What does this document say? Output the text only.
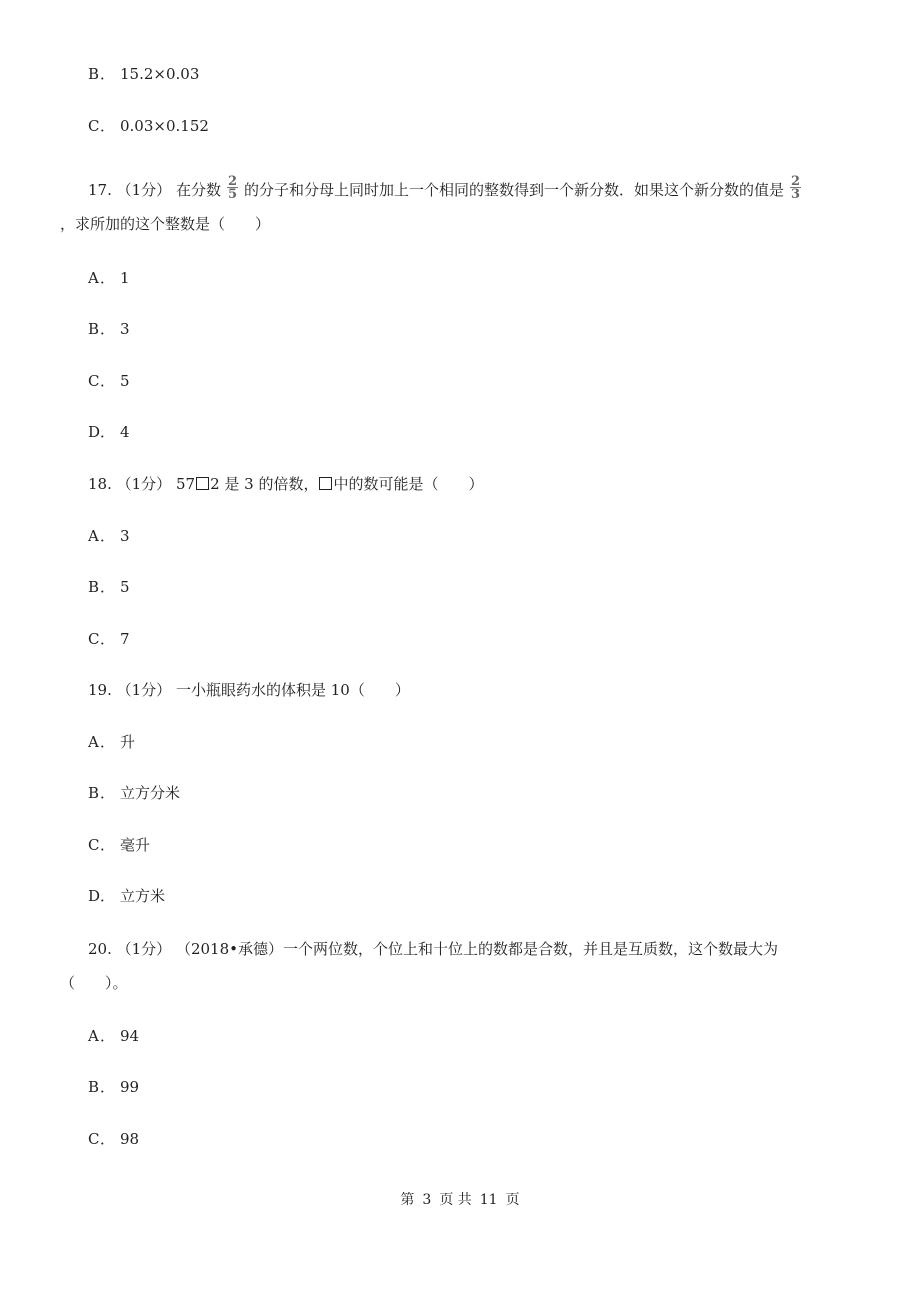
B． 15.2×0.03
C． 0.03×0.152
17. （1分） 在分数 $\frac{2}{5}$ 的分子和分母上同时加上一个相同的整数得到一个新分数．如果这个新分数的值是 $\frac{2}{3}$
，求所加的这个整数是（　　）
A． 1
B． 3
C． 5
D． 4
18. （1分） 57 2 是 3 的倍数， 中的数可能是（　　）
A． 3
B． 5
C． 7
19. （1分） 一小瓶眼药水的体积是 10（　　）
A． 升
B． 立方分米
C． 毫升
D． 立方米
20. （1分） （2018•承德）一个两位数，个位上和十位上的数都是合数，并且是互质数，这个数最大为
（　　）。
A． 94
B． 99
C． 98
第 3 页 共 11 页
